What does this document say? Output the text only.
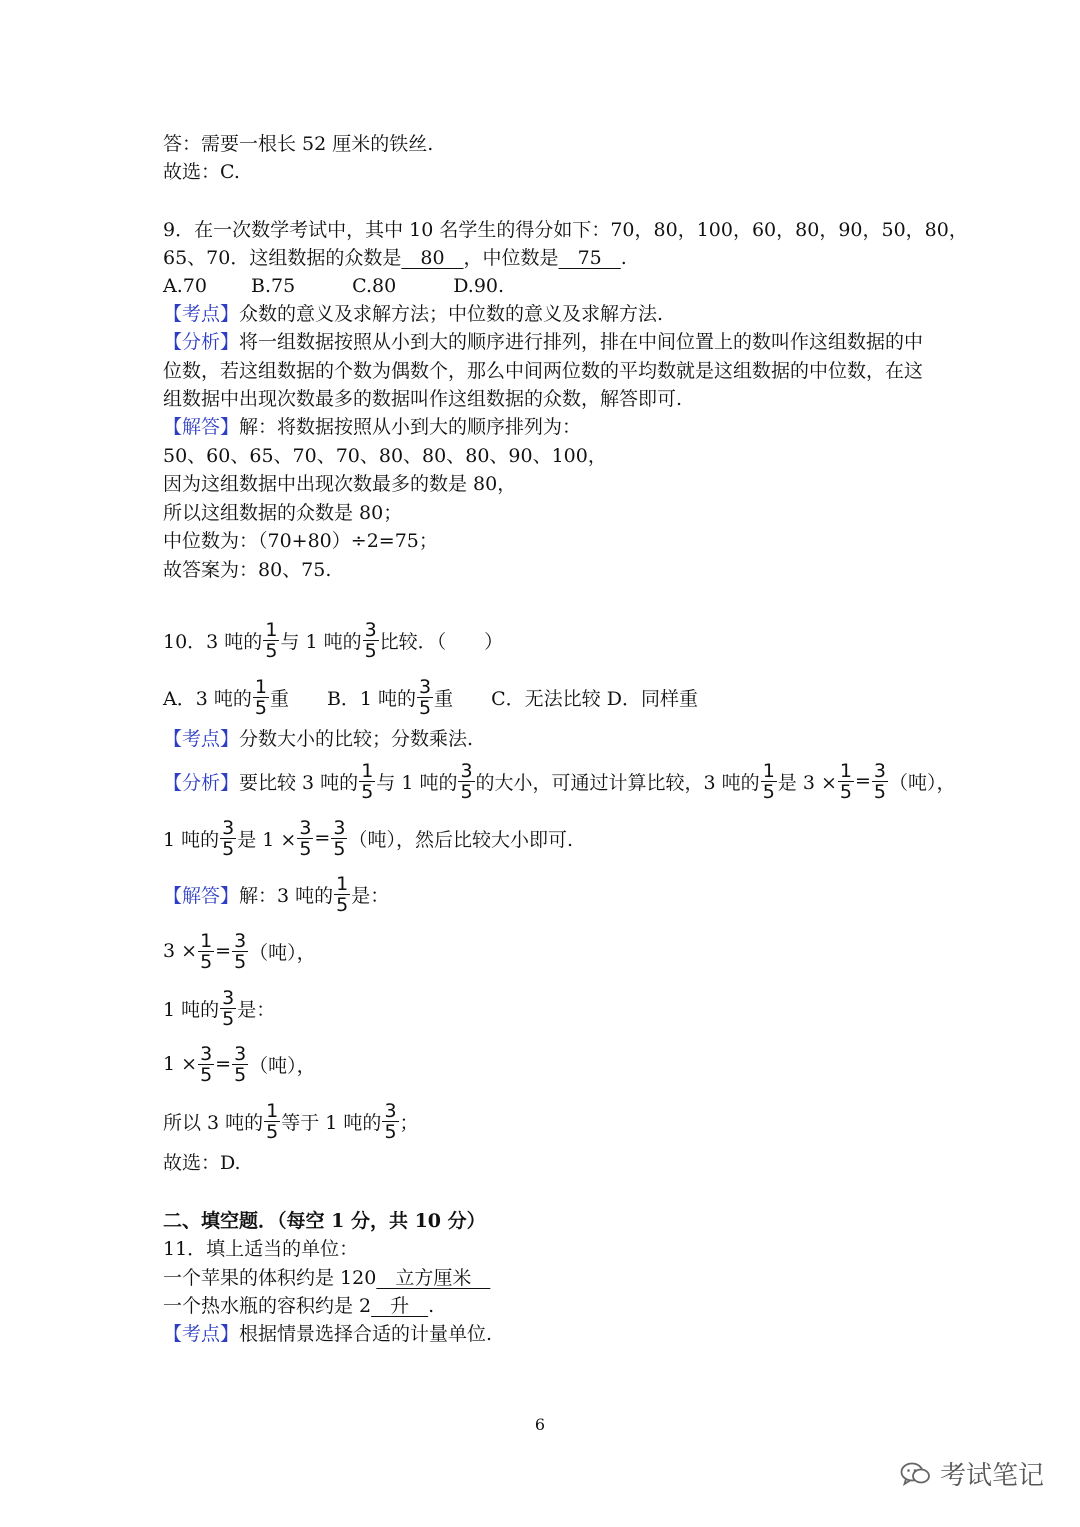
答：需要一根长 52 厘米的铁丝.
故选：C.
9．在一次数学考试中，其中 10 名学生的得分如下：70，80，100，60，80，90，50，80，
65、70．这组数据的众数是　80　，中位数是　75　.
A.70　　 B.75　　　C.80　　　D.90.
【考点】众数的意义及求解方法；中位数的意义及求解方法.
【分析】将一组数据按照从小到大的顺序进行排列，排在中间位置上的数叫作这组数据的中
位数，若这组数据的个数为偶数个，那么中间两位数的平均数就是这组数据的中位数，在这
组数据中出现次数最多的数据叫作这组数据的众数，解答即可.
【解答】解：将数据按照从小到大的顺序排列为：
50、60、65、70、70、80、80、80、90、100，
因为这组数据中出现次数最多的数是 80，
所以这组数据的众数是 80；
中位数为：（70+80）÷2=75；
故答案为：80、75.
10．3 吨的 $\frac{1}{5}$ 与 1 吨的 $\frac{3}{5}$ 比较．（　　）
A．3 吨的 $\frac{1}{5}$ 重　　B．1 吨的 $\frac{3}{5}$ 重　　C．无法比较 D．同样重
【考点】分数大小的比较；分数乘法.
【分析】 要比较 3 吨的 $\frac{1}{5}$ 与 1 吨的 $\frac{3}{5}$ 的大小，可通过计算比较，3 吨的 $\frac{1}{5}$ 是 $3 \times \frac{1}{5} = \frac{3}{5}$ （吨），
1 吨的 $\frac{3}{5}$ 是 $1 \times \frac{3}{5} = \frac{3}{5}$ （吨），然后比较大小即可.
【解答】 解：3 吨的 $\frac{1}{5}$ 是：
$3 \times \frac{1}{5} = \frac{3}{5}$ （吨），
1 吨的 $\frac{3}{5}$ 是：
$1 \times \frac{3}{5} = \frac{3}{5}$ （吨），
所以 3 吨的 $\frac{1}{5}$ 等于 1 吨的 $\frac{3}{5}$ ；
故选：D.
二、填空题．（每空 1 分，共 10 分）
11．填上适当的单位：
一个苹果的体积约是 120　立方厘米　
一个热水瓶的容积约是 2　升　.
【考点】根据情景选择合适的计量单位.
6
考试笔记
